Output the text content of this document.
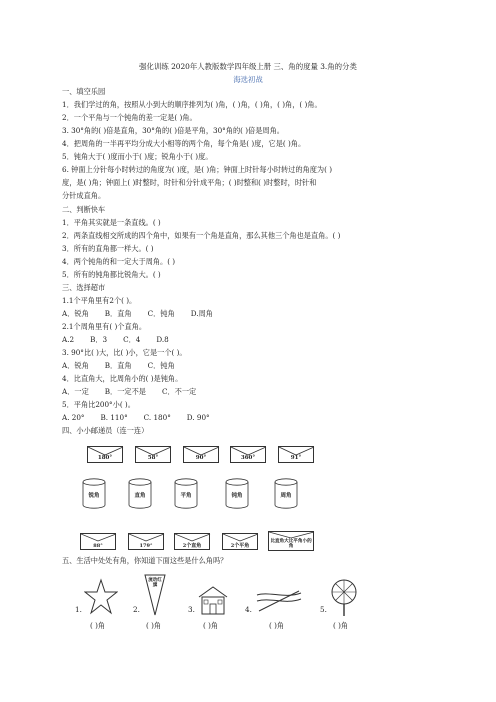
强化训练 2020年人教版数学四年级上册 三、角的度量 3.角的分类
海选初战
一、填空乐园
1．我们学过的角，按照从小到大的顺序排列为( )角，( )角，( )角，( )角，( )角。
2．一个平角与一个钝角的差一定是( )角。
3. 30°角的( )倍是直角，30°角的( )倍是平角，30°角的( )倍是周角。
4．把周角的一半再平均分成大小相等的两个角，每个角是( )度，它是( )角。
5．钝角大于( )度而小于( )度；锐角小于( )度。
6. 钟面上分针每小时转过的角度为( )度，是( )角；钟面上时针每小时转过的角度为( )
度，是( )角；钟面上( )时整时，时针和分针成平角；( )时整和( )时整时，时针和
分针成直角。
二、判断快车
1．平角其实就是一条直线。( )
2．两条直线相交所成的四个角中，如果有一个角是直角，那么其他三个角也是直角。( )
3．所有的直角都一样大。( )
4．两个钝角的和一定大于周角。( )
5．所有的钝角都比锐角大。( )
三、选择超市
1.1个平角里有2个( )。
A．锐角 B．直角 C．钝角 D.周角
2.1个周角里有( )个直角。
A.2 B．3 C．4 D.8
3. 90°比( )大，比( )小，它是一个( )。
A．锐角 B．直角 C．钝角
4．比直角大，比周角小的( )是钝角。
A．一定 B．一定不是 C．不一定
5．平角比200°小( )。
A. 20° B. 110° C. 180° D. 90°
四、小小邮递员（连一连）
180°	58°	90°	360°	91°
锐角	直角	平角	钝角	周角
88°	179°	2个直角	2个平角
比直角大比平角小的角
五、生活中处处有角，你知道下面这些是什么角吗？
1.	2.
流动红旗
3.	4.	5.
( )角	( )角	( )角	( )角	( )角
